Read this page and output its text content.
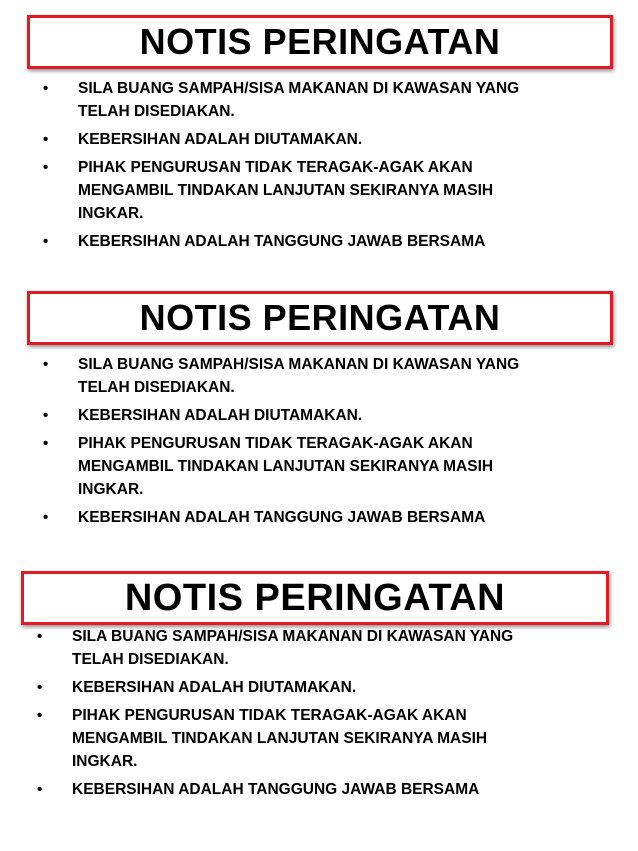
NOTIS PERINGATAN
• SILA BUANG SAMPAH/SISA MAKANAN DI KAWASAN YANG
TELAH DISEDIAKAN.
• KEBERSIHAN ADALAH DIUTAMAKAN.
• PIHAK PENGURUSAN TIDAK TERAGAK-AGAK AKAN
MENGAMBIL TINDAKAN LANJUTAN SEKIRANYA MASIH
INGKAR.
• KEBERSIHAN ADALAH TANGGUNG JAWAB BERSAMA
NOTIS PERINGATAN
• SILA BUANG SAMPAH/SISA MAKANAN DI KAWASAN YANG
TELAH DISEDIAKAN.
• KEBERSIHAN ADALAH DIUTAMAKAN.
• PIHAK PENGURUSAN TIDAK TERAGAK-AGAK AKAN
MENGAMBIL TINDAKAN LANJUTAN SEKIRANYA MASIH
INGKAR.
• KEBERSIHAN ADALAH TANGGUNG JAWAB BERSAMA
NOTIS PERINGATAN
• SILA BUANG SAMPAH/SISA MAKANAN DI KAWASAN YANG
TELAH DISEDIAKAN.
• KEBERSIHAN ADALAH DIUTAMAKAN.
• PIHAK PENGURUSAN TIDAK TERAGAK-AGAK AKAN
MENGAMBIL TINDAKAN LANJUTAN SEKIRANYA MASIH
INGKAR.
• KEBERSIHAN ADALAH TANGGUNG JAWAB BERSAMA
